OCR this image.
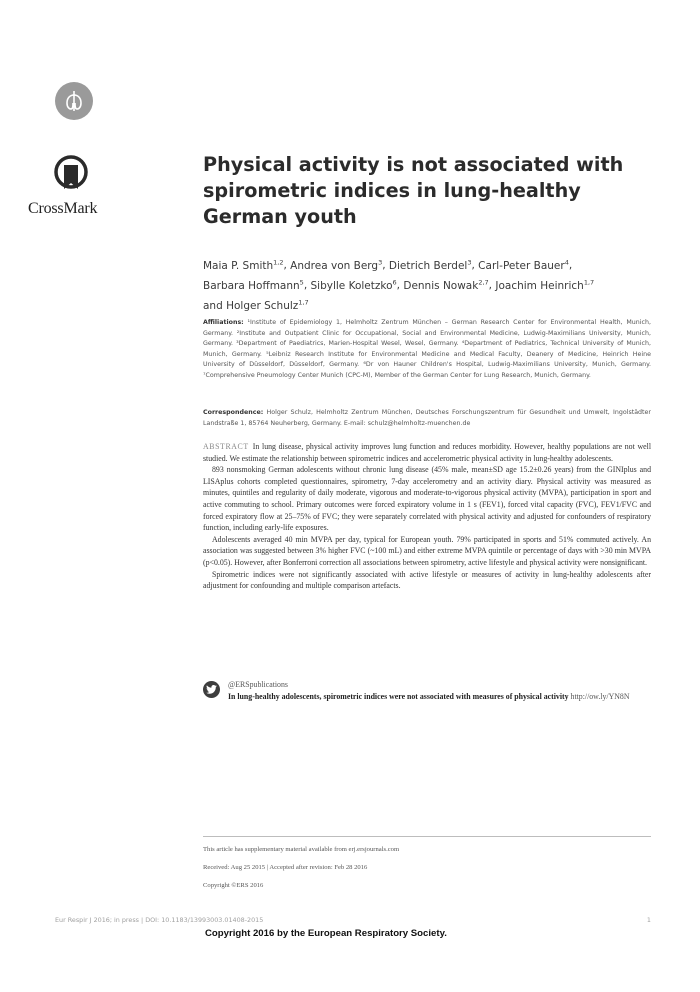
CrossMark
Physical activity is not associated with spirometric indices in lung-healthy German youth
Maia P. Smith$^{1,2}$, Andrea von Berg$^3$, Dietrich Berdel$^3$, Carl-Peter Bauer$^4$,
Barbara Hoffmann$^5$, Sibylle Koletzko$^6$, Dennis Nowak$^{2,7}$, Joachim Heinrich$^{1,7}$
and Holger Schulz$^{1,7}$
Affiliations: ¹Institute of Epidemiology 1, Helmholtz Zentrum München – German Research Center for Environmental Health, Munich, Germany. ²Institute and Outpatient Clinic for Occupational, Social and Environmental Medicine, Ludwig-Maximilians University, Munich, Germany. ³Department of Paediatrics, Marien-Hospital Wesel, Wesel, Germany. ⁴Department of Pediatrics, Technical University of Munich, Munich, Germany. ⁵Leibniz Research Institute for Environmental Medicine and Medical Faculty, Deanery of Medicine, Heinrich Heine University of Düsseldorf, Düsseldorf, Germany. ⁶Dr von Hauner Children's Hospital, Ludwig-Maximilians University, Munich, Germany. ⁷Comprehensive Pneumology Center Munich (CPC-M), Member of the German Center for Lung Research, Munich, Germany.
Correspondence: Holger Schulz, Helmholtz Zentrum München, Deutsches Forschungszentrum für Gesundheit und Umwelt, Ingolstädter Landstraße 1, 85764 Neuherberg, Germany. E-mail: schulz@helmholtz-muenchen.de

ABSTRACT In lung disease, physical activity improves lung function and reduces morbidity. However, healthy populations are not well studied. We estimate the relationship between spirometric indices and accelerometric physical activity in lung-healthy adolescents.

893 nonsmoking German adolescents without chronic lung disease (45% male, mean±SD age 15.2±0.26 years) from the GINIplus and LISAplus cohorts completed questionnaires, spirometry, 7-day accelerometry and an activity diary. Physical activity was measured as minutes, quintiles and regularity of daily moderate, vigorous and moderate-to-vigorous physical activity (MVPA), participation in sport and active commuting to school. Primary outcomes were forced expiratory volume in 1 s (FEV1), forced vital capacity (FVC), FEV1/FVC and forced expiratory flow at 25–75% of FVC; they were separately correlated with physical activity and adjusted for confounders of respiratory function, including early-life exposures.

Adolescents averaged 40 min MVPA per day, typical for European youth. 79% participated in sports and 51% commuted actively. An association was suggested between 3% higher FVC (~100 mL) and either extreme MVPA quintile or percentage of days with >30 min MVPA (p<0.05). However, after Bonferroni correction all associations between spirometry, active lifestyle and physical activity were nonsignificant.

Spirometric indices were not significantly associated with active lifestyle or measures of activity in lung-healthy adolescents after adjustment for confounding and multiple comparison artefacts.

@ERSpublications
In lung-healthy adolescents, spirometric indices were not associated with measures of physical activity http://ow.ly/YN8N
This article has supplementary material available from erj.ersjournals.com
Received: Aug 25 2015 | Accepted after revision: Feb 28 2016
Copyright ©ERS 2016
Eur Respir J 2016; in press | DOI: 10.1183/13993003.01408-2015	1
Copyright 2016 by the European Respiratory Society.
